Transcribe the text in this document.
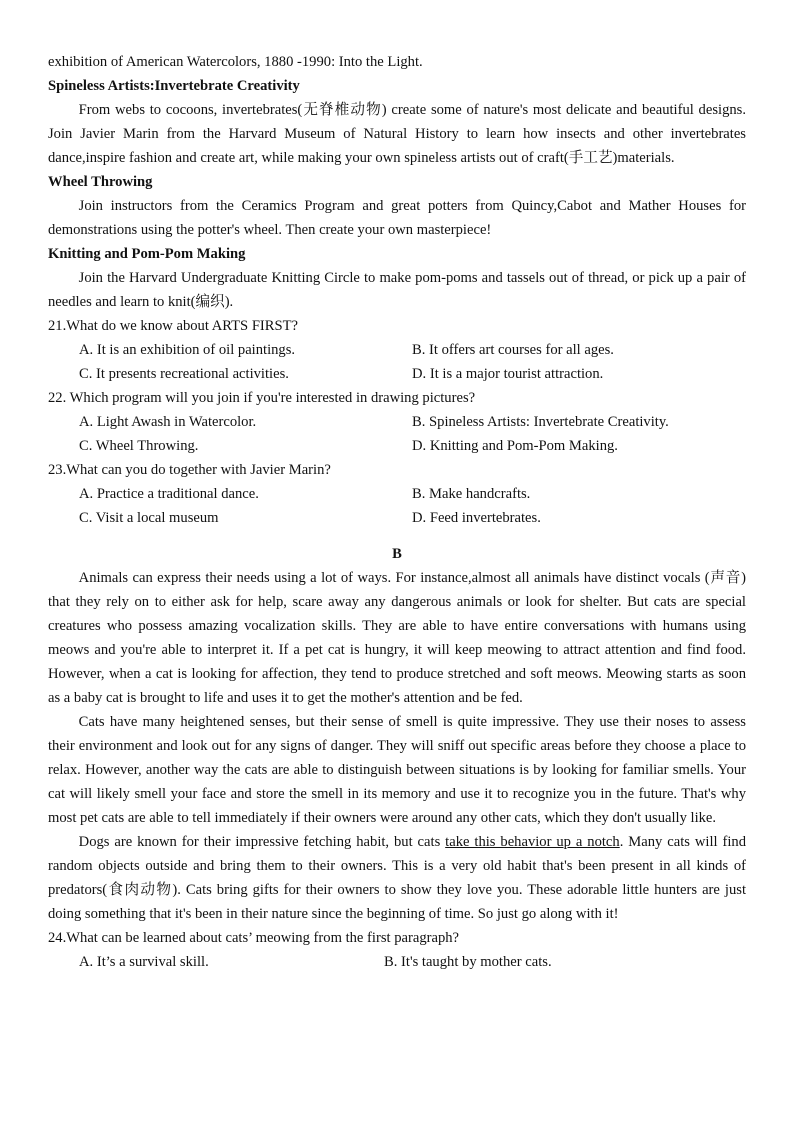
exhibition of American Watercolors, 1880 -1990: Into the Light.

Spineless Artists:Invertebrate Creativity

From webs to cocoons, invertebrates(无脊椎动物) create some of nature's most delicate and beautiful designs. Join Javier Marin from the Harvard Museum of Natural History to learn how insects and other invertebrates dance,inspire fashion and create art, while making your own spineless artists out of craft(手工艺)materials.

Wheel Throwing

Join instructors from the Ceramics Program and great potters from Quincy,Cabot and Mather Houses for demonstrations using the potter's wheel. Then create your own masterpiece!

Knitting and Pom-Pom Making

Join the Harvard Undergraduate Knitting Circle to make pom-poms and tassels out of thread, or pick up a pair of needles and learn to knit(编织).

21.What do we know about ARTS FIRST?

A. It is an exhibition of oil paintings.	B. It offers art courses for all ages.
C. It presents recreational activities.	D. It is a major tourist attraction.

22. Which program will you join if you're interested in drawing pictures?

A. Light Awash in Watercolor.	B. Spineless Artists: Invertebrate Creativity.
C. Wheel Throwing.	D. Knitting and Pom-Pom Making.

23.What can you do together with Javier Marin?

A. Practice a traditional dance.	B. Make handcrafts.
C. Visit a local museum	D. Feed invertebrates.

B

Animals can express their needs using a lot of ways. For instance,almost all animals have distinct vocals (声音) that they rely on to either ask for help, scare away any dangerous animals or look for shelter. But cats are special creatures who possess amazing vocalization skills. They are able to have entire conversations with humans using meows and you're able to interpret it. If a pet cat is hungry, it will keep meowing to attract attention and find food. However, when a cat is looking for affection, they tend to produce stretched and soft meows. Meowing starts as soon as a baby cat is brought to life and uses it to get the mother's attention and be fed.

Cats have many heightened senses, but their sense of smell is quite impressive. They use their noses to assess their environment and look out for any signs of danger. They will sniff out specific areas before they choose a place to relax. However, another way the cats are able to distinguish between situations is by looking for familiar smells. Your cat will likely smell your face and store the smell in its memory and use it to recognize you in the future. That's why most pet cats are able to tell immediately if their owners were around any other cats, which they don't usually like.

Dogs are known for their impressive fetching habit, but cats take this behavior up a notch. Many cats will find random objects outside and bring them to their owners. This is a very old habit that's been present in all kinds of predators(食肉动物). Cats bring gifts for their owners to show they love you. These adorable little hunters are just doing something that it's been in their nature since the beginning of time. So just go along with it!

24.What can be learned about cats’ meowing from the first paragraph?

A. It’s a survival skill.	B. It's taught by mother cats.
